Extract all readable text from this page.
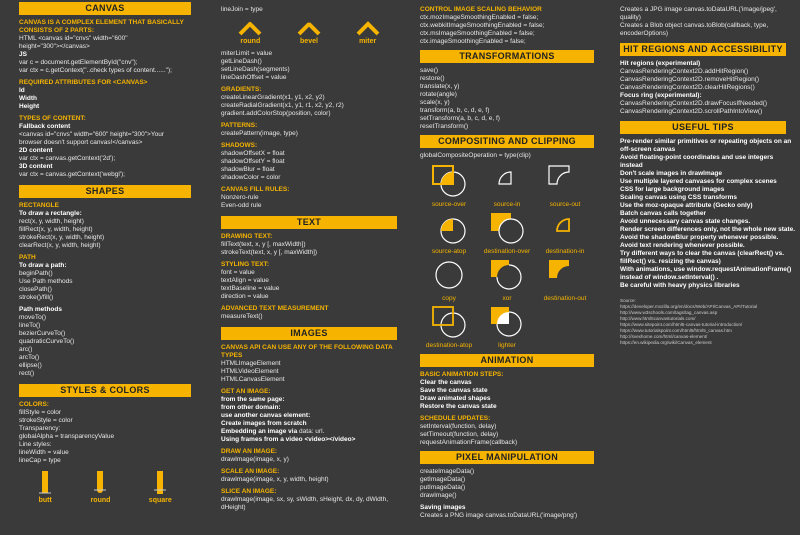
CANVAS
CANVAS IS A COMPLEX ELEMENT THAT BASICALLY
CONSISTS OF 2 PARTS:
HTML <canvas id="cnvs" width="600"
height="300"></canvas>
JS
var c = document.getElementById("cnv");
var ctx = c.getContext("..check types of content......");
REQUIRED ATTRIBUTES FOR <CANVAS>
Id
Width
Height
TYPES OF CONTENT:
Fallback content
<canvas id="cnvs" width="600" height="300">Your
browser doesn't support canvas!</canvas>
2D content
var ctx = canvas.getContext('2d');
3D content
var ctx = canvas.getContext('webgl');
SHAPES
RECTANGLE
To draw a rectangle:
rect(x, y, width, height)
fillRect(x, y, width, height)
strokeRect(x, y, width, height)
clearRect(x, y, width, height)
PATH
To draw a path:
beginPath()
Use Path methods
closePath()
stroke()/fill()
Path methods
moveTo()
lineTo()
bezierCurveTo()
quadraticCurveTo()
arc()
arcTo()
ellipse()
rect()
STYLES & COLORS
COLORS:
fillStyle = color
strokeStyle = color
Transparency:
globalAlpha = transparencyValue
Line styles:
lineWidth = value
lineCap = type
butt	round	square
lineJoin = type
round	bevel	miter
miterLimit = value
getLineDash()
setLineDash(segments)
lineDashOffset = value
GRADIENTS:
createLinearGradient(x1, y1, x2, y2)
createRadialGradient(x1, y1, r1, x2, y2, r2)
gradient.addColorStop(position, color)
PATTERNS:
createPattern(image, type)
SHADOWS:
shadowOffsetX = float
shadowOffsetY = float
shadowBlur = float
shadowColor = color
CANVAS FILL RULES:
Nonzero-rule
Even-odd rule
TEXT
DRAWING TEXT:
fillText(text, x, y [, maxWidth])
strokeText(text, x, y [, maxWidth])
STYLING TEXT:
font = value
textAlign = value
textBaseline = value
direction = value
ADVANCED TEXT MEASUREMENT
measureText()
IMAGES
CANVAS API CAN USE ANY OF THE FOLLOWING DATA
TYPES
HTMLImageElement
HTMLVideoElement
HTMLCanvasElement
GET AN IMAGE:
from the same page:
from other domain:
use another canvas element:
Create images from scratch
Embedding an image via data: url.
Using frames from a video <video></video>
DRAW AN IMAGE:
drawImage(image, x, y)
SCALE AN IMAGE:
drawImage(image, x, y, width, height)
SLICE AN IMAGE:
drawImage(image, sx, sy, sWidth, sHeight, dx, dy, dWidth,
dHeight)
CONTROL IMAGE SCALING BEHAVIOR
ctx.mozImageSmoothingEnabled = false;
ctx.webkitImageSmoothingEnabled = false;
ctx.msImageSmoothingEnabled = false;
ctx.imageSmoothingEnabled = false;
TRANSFORMATIONS
save()
restore()
translate(x, y)
rotate(angle)
scale(x, y)
transform(a, b, c, d, e, f)
setTransform(a, b, c, d, e, f)
resetTransform()
COMPOSITING AND CLIPPING
globalCompositeOperation = type(clip)
source-over	source-in	source-out
source-atop	destination-over	destination-in
copy	xor	destination-out
destination-atop	lighter
ANIMATION
BASIC ANIMATION STEPS:
Clear the canvas
Save the canvas state
Draw animated shapes
Restore the canvas state
SCHEDULE UPDATES:
setInterval(function, delay)
setTimeout(function, delay)
requestAnimationFrame(callback)
PIXEL MANIPULATION
createImageData()
getImageData()
putImageData()
drawImage()
Saving images
Creates a PNG image canvas.toDataURL('image/png')
Creates a JPG image canvas.toDataURL('image/jpeg',
quality)
Creates a Blob object canvas.toBlob(callback, type,
encoderOptions)
HIT REGIONS AND ACCESSIBILITY
Hit regions (experimental)
CanvasRenderingContext2D.addHitRegion()
CanvasRenderingContext2D.removeHitRegion()
CanvasRenderingContext2D.clearHitRegions()
Focus ring (experimental):
CanvasRenderingContext2D.drawFocusIfNeeded()
CanvasRenderingContext2D.scrollPathIntoView()
USEFUL TIPS
Pre-render similar primitives or repeating objects on an
off-screen canvas
Avoid floating-point coordinates and use integers
instead
Don't scale images in drawImage
Use multiple layered canvases for complex scenes
CSS for large background images
Scaling canvas using CSS transforms
Use the moz-opaque attribute (Gecko only)
Batch canvas calls together
Avoid unnecessary canvas state changes.
Render screen differences only, not the whole new state.
Avoid the shadowBlur property whenever possible.
Avoid text rendering whenever possible.
Try different ways to clear the canvas (clearRect() vs.
fillRect() vs. resizing the canvas)
With animations, use window.requestAnimationFrame()
instead of window.setInterval() .
Be careful with heavy physics libraries
Source:
https://developer.mozilla.org/en/docs/Web/API/Canvas_API/Tutorial
http://www.w3schools.com/tags/tag_canvas.asp
http://www.html5canvastutorials.com/
https://www.sitepoint.com/html5-canvas-tutorial-introduction/
https://www.tutorialspoint.com/html5/html5_canvas.htm
http://svexhome.com/html/canvas-element/
https://en.wikipedia.org/wiki/Canvas_element
